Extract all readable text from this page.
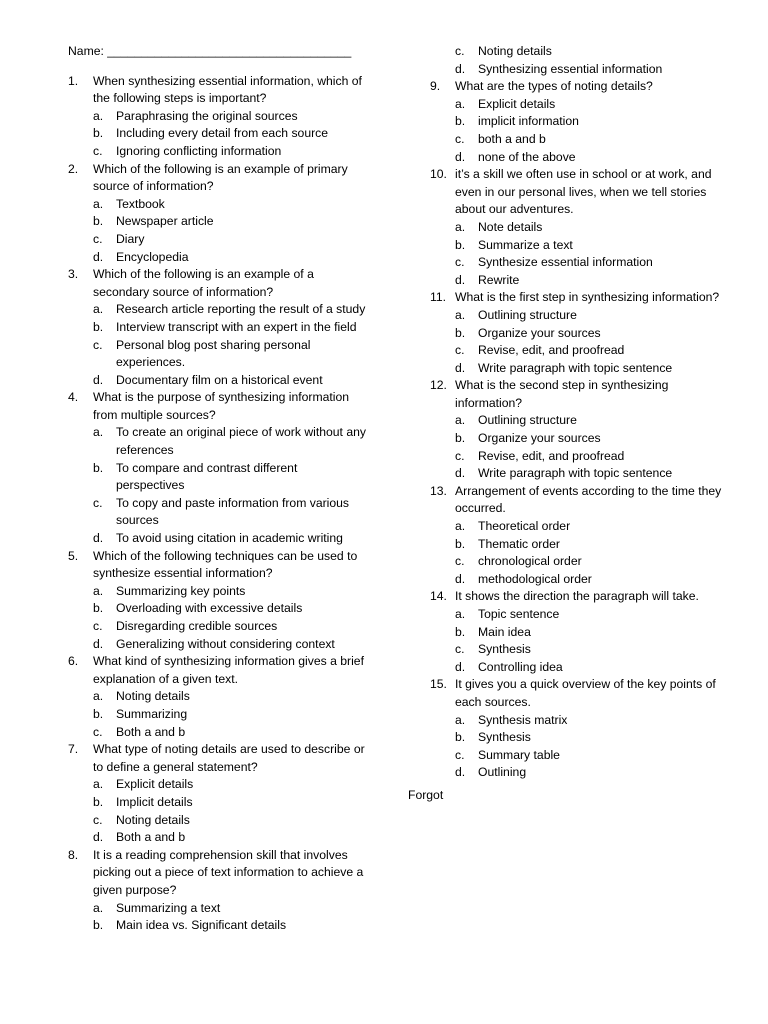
Name: ____________________________________
1. When synthesizing essential information, which of the following steps is important?
a. Paraphrasing the original sources
b. Including every detail from each source
c. Ignoring conflicting information
2. Which of the following is an example of primary source of information?
a. Textbook
b. Newspaper article
c. Diary
d. Encyclopedia
3. Which of the following is an example of a secondary source of information?
a. Research article reporting the result of a study
b. Interview transcript with an expert in the field
c. Personal blog post sharing personal experiences.
d. Documentary film on a historical event
4. What is the purpose of synthesizing information from multiple sources?
a. To create an original piece of work without any references
b. To compare and contrast different perspectives
c. To copy and paste information from various sources
d. To avoid using citation in academic writing
5. Which of the following techniques can be used to synthesize essential information?
a. Summarizing key points
b. Overloading with excessive details
c. Disregarding credible sources
d. Generalizing without considering context
6. What kind of synthesizing information gives a brief explanation of a given text.
a. Noting details
b. Summarizing
c. Both a and b
7. What type of noting details are used to describe or to define a general statement?
a. Explicit details
b. Implicit details
c. Noting details
d. Both a and b
8. It is a reading comprehension skill that involves picking out a piece of text information to achieve a given purpose?
a. Summarizing a text
b. Main idea vs. Significant details
c. Noting details
d. Synthesizing essential information
9. What are the types of noting details?
a. Explicit details
b. implicit information
c. both a and b
d. none of the above
10. it’s a skill we often use in school or at work, and even in our personal lives, when we tell stories about our adventures.
a. Note details
b. Summarize a text
c. Synthesize essential information
d. Rewrite
11. What is the first step in synthesizing information?
a. Outlining structure
b. Organize your sources
c. Revise, edit, and proofread
d. Write paragraph with topic sentence
12. What is the second step in synthesizing information?
a. Outlining structure
b. Organize your sources
c. Revise, edit, and proofread
d. Write paragraph with topic sentence
13. Arrangement of events according to the time they occurred.
a. Theoretical order
b. Thematic order
c. chronological order
d. methodological order
14. It shows the direction the paragraph will take.
a. Topic sentence
b. Main idea
c. Synthesis
d. Controlling idea
15. It gives you a quick overview of the key points of each sources.
a. Synthesis matrix
b. Synthesis
c. Summary table
d. Outlining
Forgot
